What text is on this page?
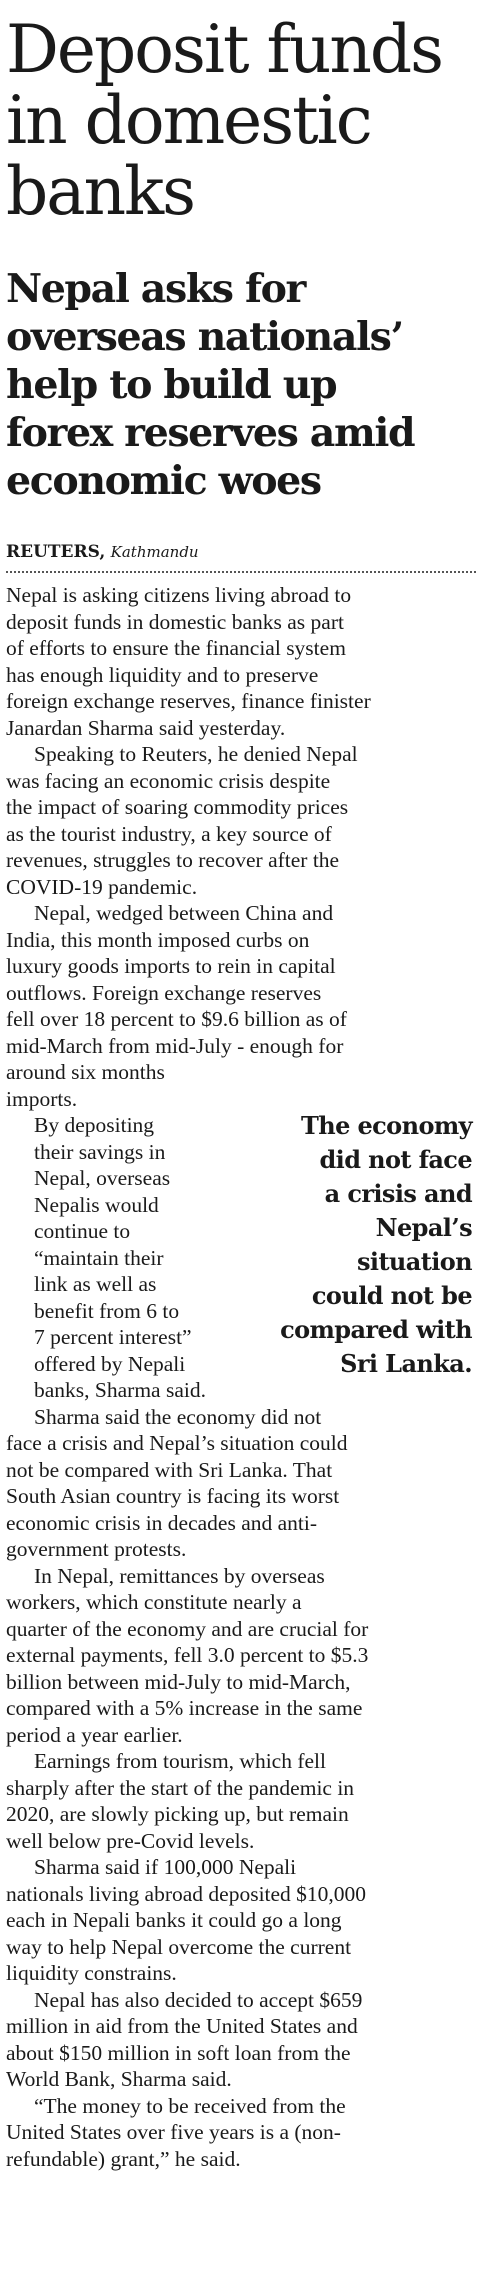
Deposit funds
in domestic
banks
Nepal asks for
overseas nationals’
help to build up
forex reserves amid
economic woes
REUTERS, Kathmandu
Nepal is asking citizens living abroad to
deposit funds in domestic banks as part
of efforts to ensure the financial system
has enough liquidity and to preserve
foreign exchange reserves, finance finister
Janardan Sharma said yesterday.
Speaking to Reuters, he denied Nepal
was facing an economic crisis despite
the impact of soaring commodity prices
as the tourist industry, a key source of
revenues, struggles to recover after the
COVID-19 pandemic.
Nepal, wedged between China and
India, this month imposed curbs on
luxury goods imports to rein in capital
outflows. Foreign exchange reserves
fell over 18 percent to $9.6 billion as of
mid-March from mid-July - enough for
around six months
imports.
By depositing
their savings in
Nepal, overseas
Nepalis would
continue to
“maintain their
link as well as
benefit from 6 to
7 percent interest”
offered by Nepali
banks, Sharma said.
Sharma said the economy did not
face a crisis and Nepal’s situation could
not be compared with Sri Lanka. That
South Asian country is facing its worst
economic crisis in decades and anti-
government protests.
In Nepal, remittances by overseas
workers, which constitute nearly a
quarter of the economy and are crucial for
external payments, fell 3.0 percent to $5.3
billion between mid-July to mid-March,
compared with a 5% increase in the same
period a year earlier.
Earnings from tourism, which fell
sharply after the start of the pandemic in
2020, are slowly picking up, but remain
well below pre-Covid levels.
Sharma said if 100,000 Nepali
nationals living abroad deposited $10,000
each in Nepali banks it could go a long
way to help Nepal overcome the current
liquidity constrains.
Nepal has also decided to accept $659
million in aid from the United States and
about $150 million in soft loan from the
World Bank, Sharma said.
“The money to be received from the
United States over five years is a (non-
refundable) grant,” he said.
The economy
did not face
a crisis and
Nepal’s
situation
could not be
compared with
Sri Lanka.
